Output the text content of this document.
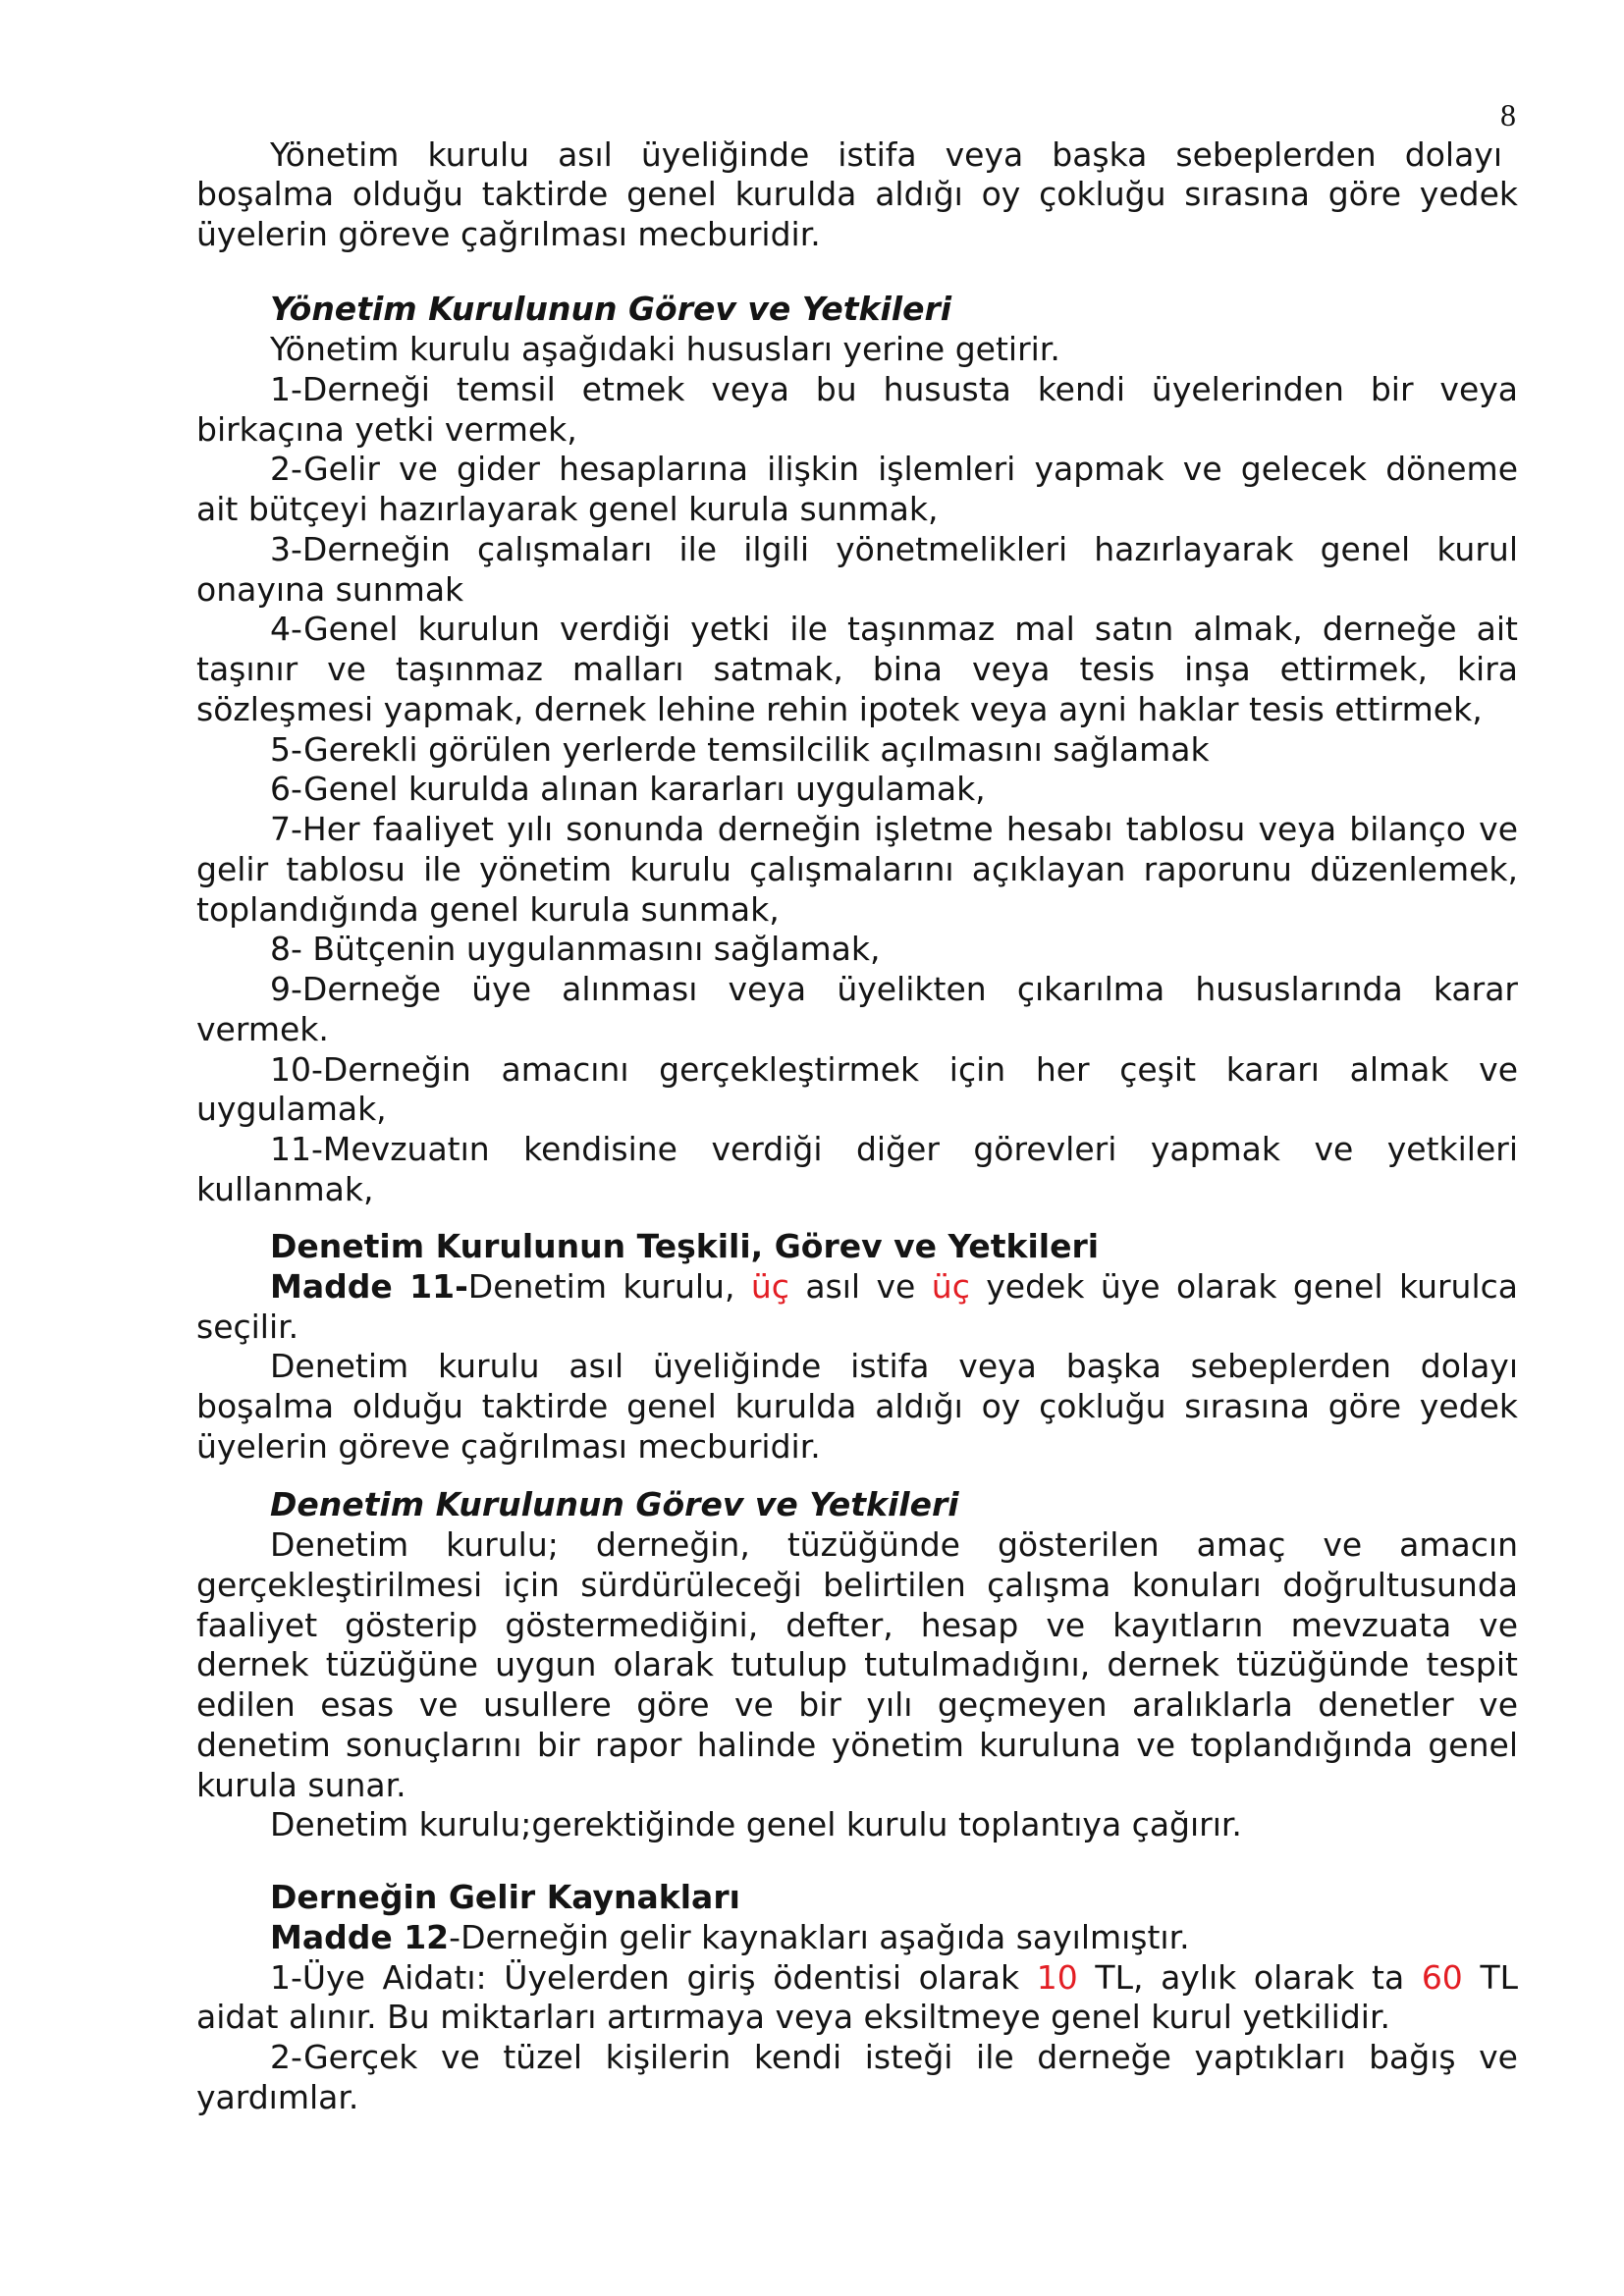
8
Yönetim kurulu asıl üyeliğinde istifa veya başka sebeplerden dolayı
boşalma olduğu taktirde genel kurulda aldığı oy çokluğu sırasına göre yedek
üyelerin göreve çağrılması mecburidir.
Yönetim Kurulunun Görev ve Yetkileri
Yönetim kurulu aşağıdaki hususları yerine getirir.
1-Derneği temsil etmek veya bu hususta kendi üyelerinden bir veya
birkaçına yetki vermek,
2-Gelir ve gider hesaplarına ilişkin işlemleri yapmak ve gelecek döneme
ait bütçeyi hazırlayarak genel kurula sunmak,
3-Derneğin çalışmaları ile ilgili yönetmelikleri hazırlayarak genel kurul
onayına sunmak
4-Genel kurulun verdiği yetki ile taşınmaz mal satın almak, derneğe ait
taşınır ve taşınmaz malları satmak, bina veya tesis inşa ettirmek, kira
sözleşmesi yapmak, dernek lehine rehin ipotek veya ayni haklar tesis ettirmek,
5-Gerekli görülen yerlerde temsilcilik açılmasını sağlamak
6-Genel kurulda alınan kararları uygulamak,
7-Her faaliyet yılı sonunda derneğin işletme hesabı tablosu veya bilanço ve
gelir tablosu ile yönetim kurulu çalışmalarını açıklayan raporunu düzenlemek,
toplandığında genel kurula sunmak,
8- Bütçenin uygulanmasını sağlamak,
9-Derneğe üye alınması veya üyelikten çıkarılma hususlarında karar
vermek.
10-Derneğin amacını gerçekleştirmek için her çeşit kararı almak ve
uygulamak,
11-Mevzuatın kendisine verdiği diğer görevleri yapmak ve yetkileri
kullanmak,
Denetim Kurulunun Teşkili, Görev ve Yetkileri
Madde 11-Denetim kurulu, üç asıl ve üç yedek üye olarak genel kurulca
seçilir.
Denetim kurulu asıl üyeliğinde istifa veya başka sebeplerden dolayı
boşalma olduğu taktirde genel kurulda aldığı oy çokluğu sırasına göre yedek
üyelerin göreve çağrılması mecburidir.
Denetim Kurulunun Görev ve Yetkileri
Denetim kurulu; derneğin, tüzüğünde gösterilen amaç ve amacın
gerçekleştirilmesi için sürdürüleceği belirtilen çalışma konuları doğrultusunda
faaliyet gösterip göstermediğini, defter, hesap ve kayıtların mevzuata ve
dernek tüzüğüne uygun olarak tutulup tutulmadığını, dernek tüzüğünde tespit
edilen esas ve usullere göre ve bir yılı geçmeyen aralıklarla denetler ve
denetim sonuçlarını bir rapor halinde yönetim kuruluna ve toplandığında genel
kurula sunar.
Denetim kurulu;gerektiğinde genel kurulu toplantıya çağırır.
Derneğin Gelir Kaynakları
Madde 12-Derneğin gelir kaynakları aşağıda sayılmıştır.
1-Üye Aidatı: Üyelerden giriş ödentisi olarak 10 TL, aylık olarak ta 60 TL
aidat alınır. Bu miktarları artırmaya veya eksiltmeye genel kurul yetkilidir.
2-Gerçek ve tüzel kişilerin kendi isteği ile derneğe yaptıkları bağış ve
yardımlar.
